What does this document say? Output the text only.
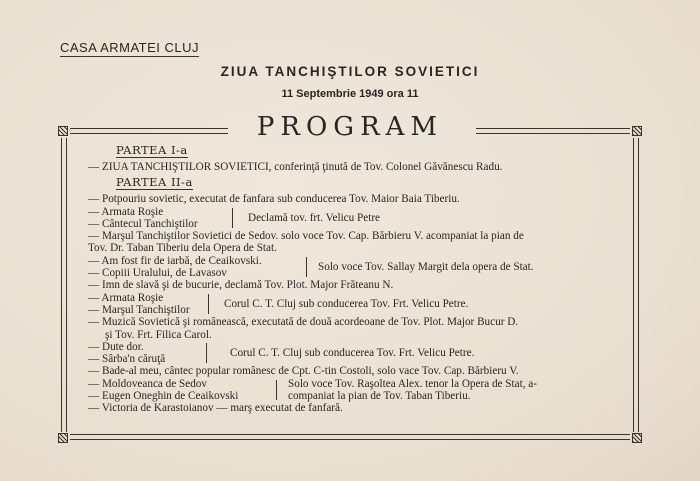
CASA ARMATEI CLUJ
ZIUA TANCHIŞTILOR SOVIETICI
11 Septembrie 1949 ora 11
PROGRAM
PARTEA I-a
— ZIUA TANCHIŞTILOR SOVIETICI, conferinţă ţinută de Tov. Colonel Găvănescu Radu.
PARTEA II-a
— Potpouriu sovietic, executat de fanfara sub conducerea Tov. Maior Baia Tiberiu.
— Armata Roşie
— Cântecul Tanchiştilor
Declamă tov. frt. Velicu Petre
— Marşul Tanchiştilor Sovietici de Sedov. solo voce Tov. Cap. Bărbieru V. acompaniat la pian de
Tov. Dr. Taban Tiberiu dela Opera de Stat.
— Am fost fir de iarbă, de Ceaikovski.
— Copiii Uralului, de Lavasov
Solo voce Tov. Sallay Margit dela opera de Stat.
— Imn de slavă şi de bucurie, declamă Tov. Plot. Major Frăteanu N.
— Armata Roşie
— Marşul Tanchiştilor
Corul C. T. Cluj sub conducerea Tov. Frt. Velicu Petre.
— Muzică Sovietică şi românească, executată de două acordeoane de Tov. Plot. Major Bucur D.
şi Tov. Frt. Filica Carol.
— Dute dor.
— Sârba'n căruţă
Corul C. T. Cluj sub conducerea Tov. Frt. Velicu Petre.
— Bade-al meu, cântec popular românesc de Cpt. C-tin Costoli, solo vace Tov. Cap. Bărbieru V.
— Moldoveanca de Sedov
— Eugen Oneghin de Ceaikovski
Solo voce Tov. Raşoltea Alex. tenor la Opera de Stat, a-
companiat la pian de Tov. Taban Tiberiu.
— Victoria de Karastoianov — marş executat de fanfară.
